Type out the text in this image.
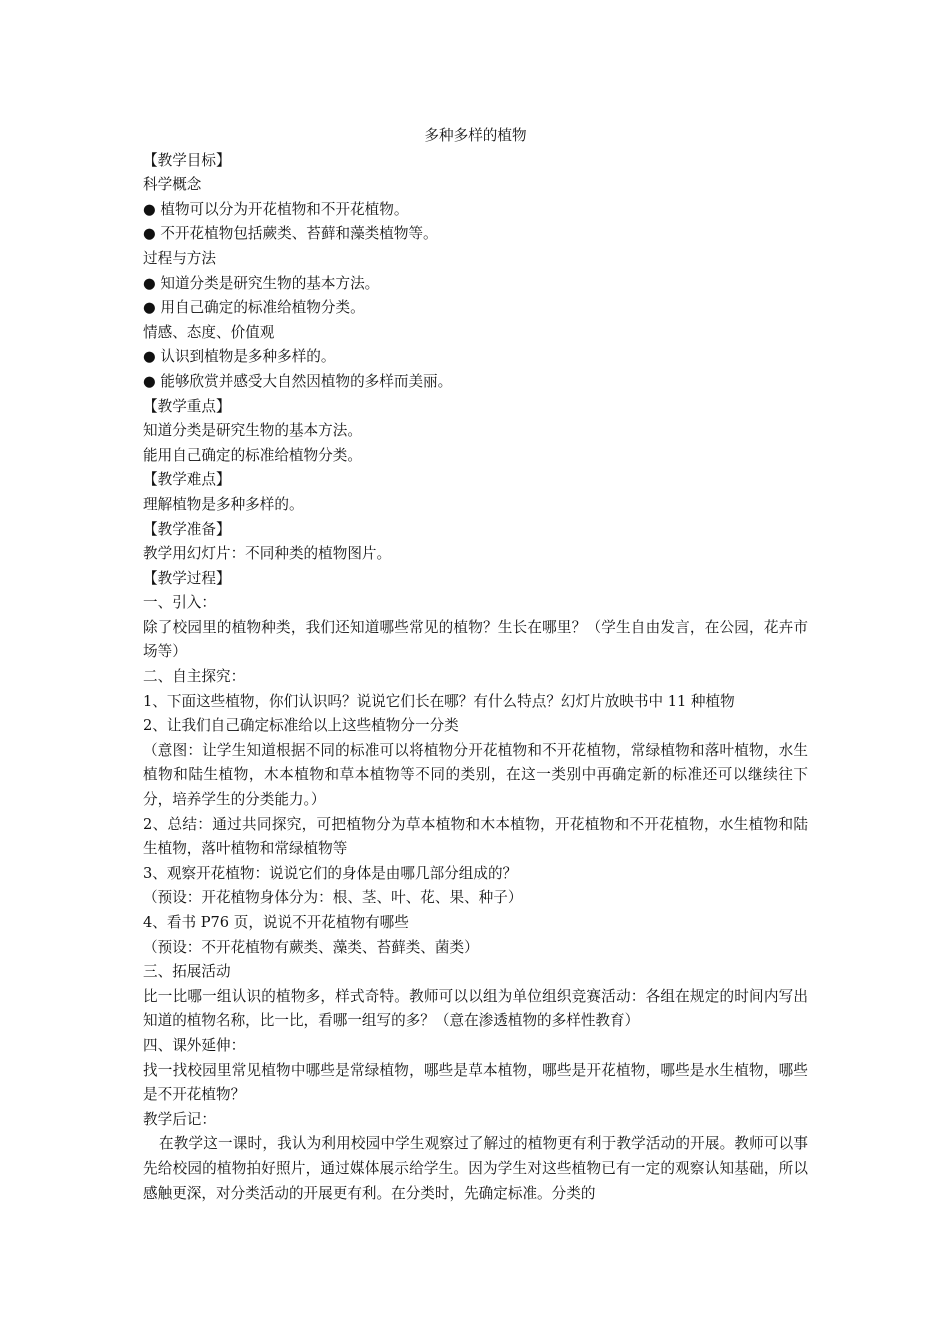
多种多样的植物

【教学目标】

科学概念

● 植物可以分为开花植物和不开花植物。

● 不开花植物包括蕨类、苔藓和藻类植物等。

过程与方法

● 知道分类是研究生物的基本方法。

● 用自己确定的标准给植物分类。

情感、态度、价值观

● 认识到植物是多种多样的。

● 能够欣赏并感受大自然因植物的多样而美丽。

【教学重点】

知道分类是研究生物的基本方法。

能用自己确定的标准给植物分类。

【教学难点】

理解植物是多种多样的。

【教学准备】

教学用幻灯片：不同种类的植物图片。

【教学过程】

一、引入：

除了校园里的植物种类，我们还知道哪些常见的植物？生长在哪里？（学生自由发言，在公园，花卉市场等）

二、自主探究：

1、下面这些植物，你们认识吗？说说它们长在哪？有什么特点？幻灯片放映书中 11 种植物

2、让我们自己确定标准给以上这些植物分一分类

（意图：让学生知道根据不同的标准可以将植物分开花植物和不开花植物，常绿植物和落叶植物，水生植物和陆生植物，木本植物和草本植物等不同的类别，在这一类别中再确定新的标准还可以继续往下分，培养学生的分类能力。）

2、总结：通过共同探究，可把植物分为草本植物和木本植物，开花植物和不开花植物，水生植物和陆生植物，落叶植物和常绿植物等

3、观察开花植物：说说它们的身体是由哪几部分组成的？

（预设：开花植物身体分为：根、茎、叶、花、果、种子）

4、看书 P76 页，说说不开花植物有哪些

（预设：不开花植物有蕨类、藻类、苔藓类、菌类）

三、拓展活动

比一比哪一组认识的植物多，样式奇特。教师可以以组为单位组织竞赛活动：各组在规定的时间内写出知道的植物名称，比一比，看哪一组写的多？（意在渗透植物的多样性教育）

四、课外延伸：

找一找校园里常见植物中哪些是常绿植物，哪些是草本植物，哪些是开花植物，哪些是水生植物，哪些是不开花植物？

教学后记：

在教学这一课时，我认为利用校园中学生观察过了解过的植物更有利于教学活动的开展。教师可以事先给校园的植物拍好照片，通过媒体展示给学生。因为学生对这些植物已有一定的观察认知基础，所以感触更深，对分类活动的开展更有利。在分类时，先确定标准。分类的
